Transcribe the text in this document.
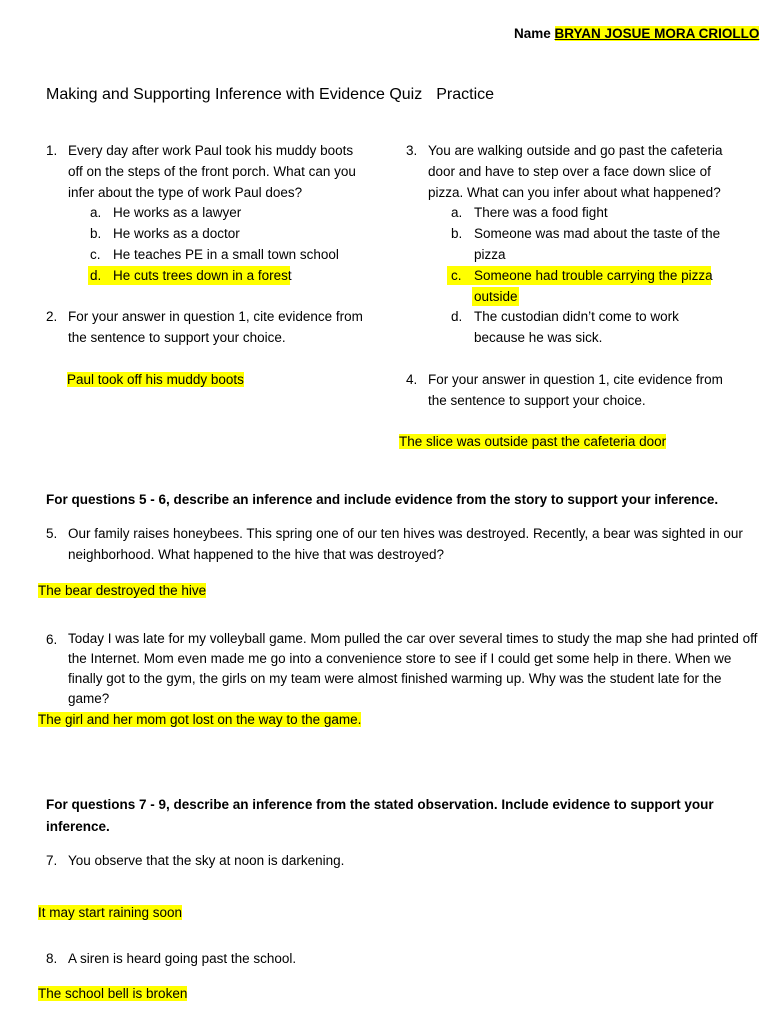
Name BRYAN JOSUE MORA CRIOLLO
Making and Supporting Inference with Evidence Quiz Practice
1. Every day after work Paul took his muddy boots
off on the steps of the front porch. What can you
infer about the type of work Paul does?
a. He works as a lawyer
b. He works as a doctor
c. He teaches PE in a small town school
d. He cuts trees down in a forest
2. For your answer in question 1, cite evidence from
the sentence to support your choice.
Paul took off his muddy boots
3. You are walking outside and go past the cafeteria
door and have to step over a face down slice of
pizza. What can you infer about what happened?
a. There was a food fight
b. Someone was mad about the taste of the
pizza
c. Someone had trouble carrying the pizza
outside
d. The custodian didn’t come to work
because he was sick.
4. For your answer in question 1, cite evidence from
the sentence to support your choice.
The slice was outside past the cafeteria door
For questions 5 - 6, describe an inference and include evidence from the story to support your inference.
5. Our family raises honeybees. This spring one of our ten hives was destroyed. Recently, a bear was sighted in our
neighborhood. What happened to the hive that was destroyed?
The bear destroyed the hive
6. Today I was late for my volleyball game. Mom pulled the car over several times to study the map she had printed off
the Internet. Mom even made me go into a convenience store to see if I could get some help in there. When we
finally got to the gym, the girls on my team were almost finished warming up. Why was the student late for the
game?
The girl and her mom got lost on the way to the game.
For questions 7 - 9, describe an inference from the stated observation. Include evidence to support your
inference.
7. You observe that the sky at noon is darkening.
It may start raining soon
8. A siren is heard going past the school.
The school bell is broken
